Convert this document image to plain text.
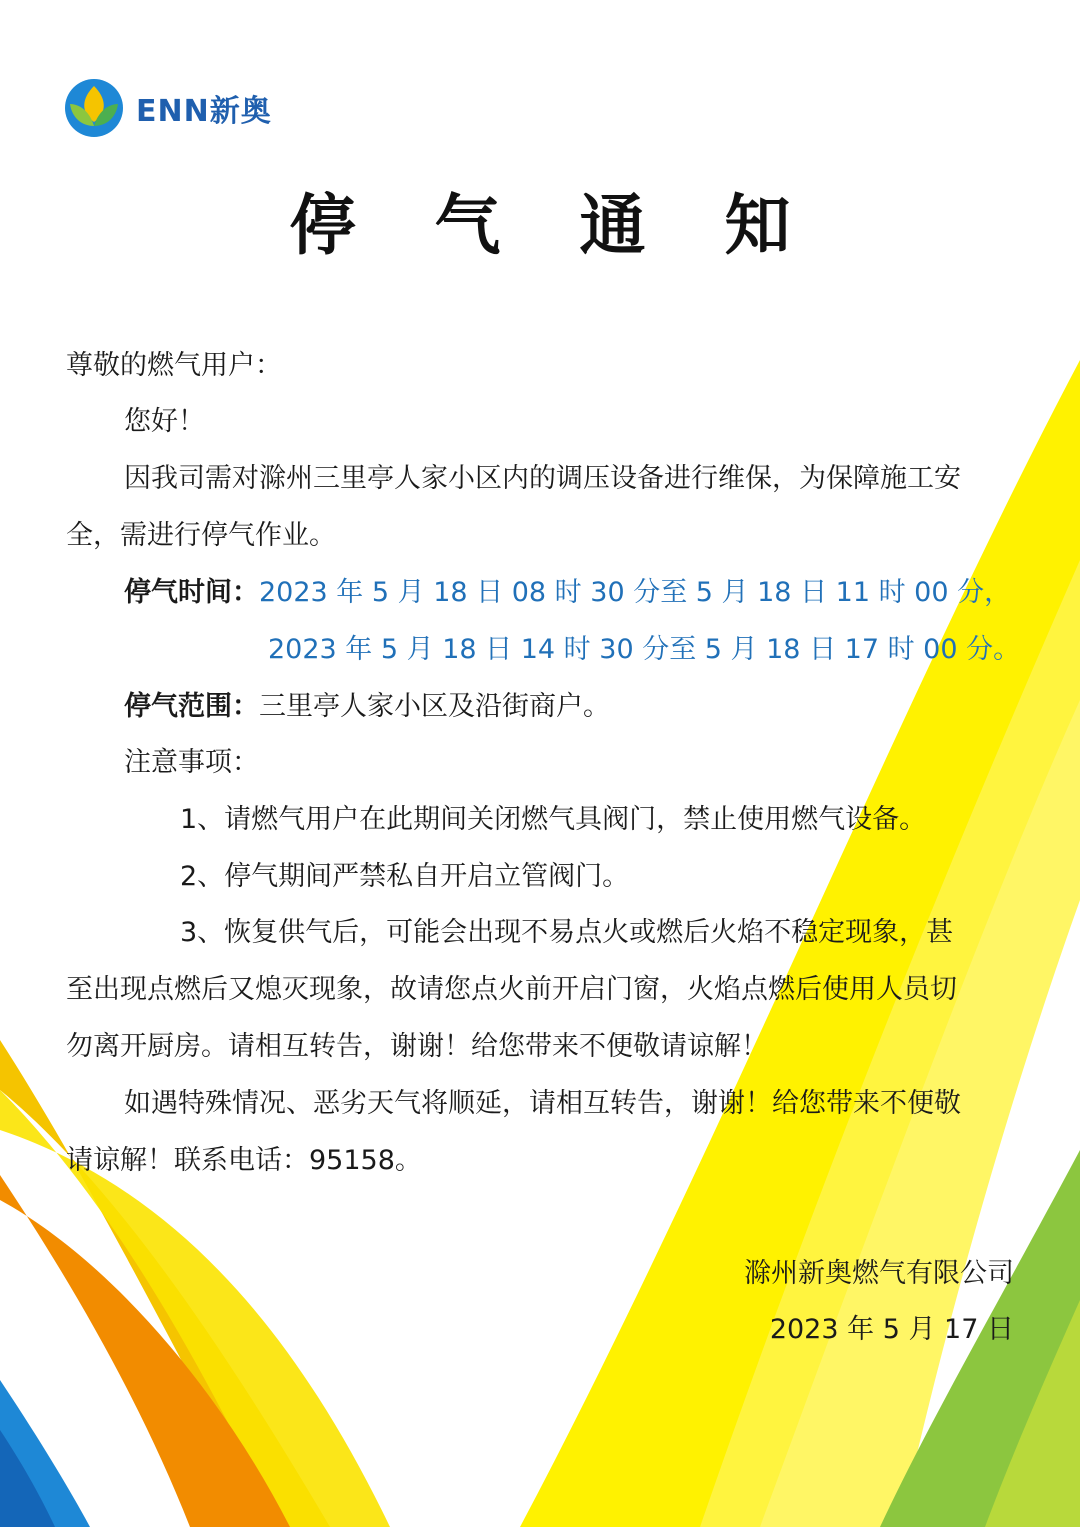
ENN新奥
停 气 通 知
尊敬的燃气用户：
您好！
因我司需对滁州三里亭人家小区内的调压设备进行维保，为保障施工安
全，需进行停气作业。
停气时间：2023 年 5 月 18 日 08 时 30 分至 5 月 18 日 11 时 00 分，
2023 年 5 月 18 日 14 时 30 分至 5 月 18 日 17 时 00 分。
停气范围：三里亭人家小区及沿街商户。
注意事项：
1、请燃气用户在此期间关闭燃气具阀门，禁止使用燃气设备。
2、停气期间严禁私自开启立管阀门。
3、恢复供气后，可能会出现不易点火或燃后火焰不稳定现象，甚
至出现点燃后又熄灭现象，故请您点火前开启门窗，火焰点燃后使用人员切
勿离开厨房。请相互转告，谢谢！给您带来不便敬请谅解！
如遇特殊情况、恶劣天气将顺延，请相互转告，谢谢！给您带来不便敬
请谅解！联系电话：95158。
滁州新奥燃气有限公司
2023 年 5 月 17 日
